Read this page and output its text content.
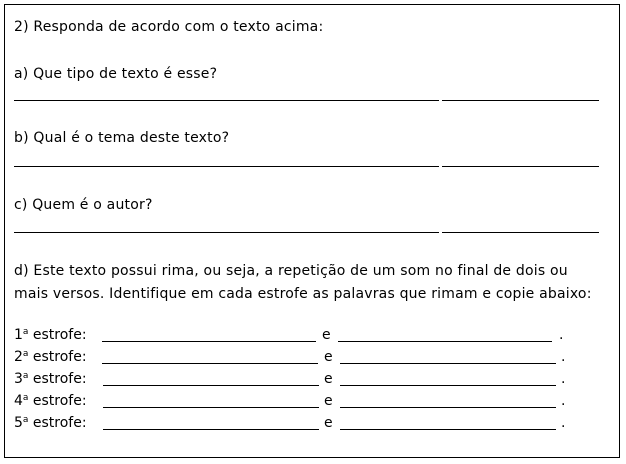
2) Responda de acordo com o texto acima:
a) Que tipo de texto é esse?
b) Qual é o tema deste texto?
c) Quem é o autor?
d) Este texto possui rima, ou seja, a repetição de um som no final de dois ou
mais versos. Identifique em cada estrofe as palavras que rimam e copie abaixo:
1$^a$ estrofe:	e	.
2$^a$ estrofe:	e	.
3$^a$ estrofe:	e	.
4$^a$ estrofe:	e	.
5$^a$ estrofe:	e	.
